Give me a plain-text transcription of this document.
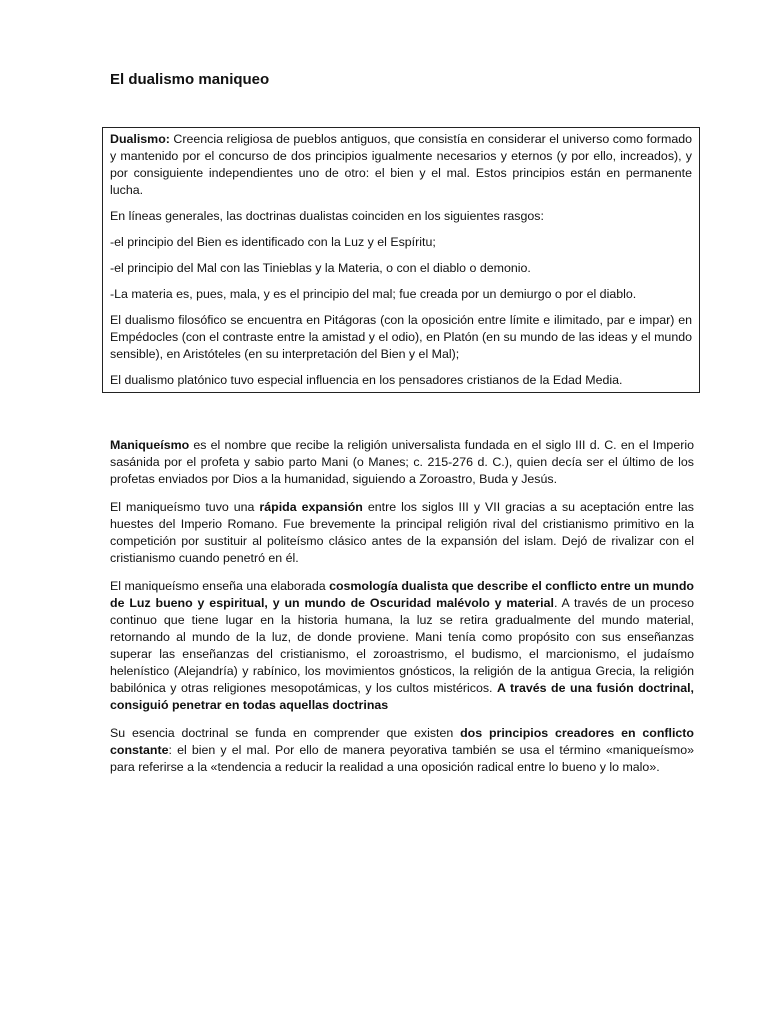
El dualismo maniqueo

Dualismo: Creencia religiosa de pueblos antiguos, que consistía en considerar el universo como formado y mantenido por el concurso de dos principios igualmente necesarios y eternos (y por ello, increados), y por consiguiente independientes uno de otro: el bien y el mal. Estos principios están en permanente lucha.

En líneas generales, las doctrinas dualistas coinciden en los siguientes rasgos:

-el principio del Bien es identificado con la Luz y el Espíritu;

-el principio del Mal con las Tinieblas y la Materia, o con el diablo o demonio.

-La materia es, pues, mala, y es el principio del mal; fue creada por un demiurgo o por el diablo.

El dualismo filosófico se encuentra en Pitágoras (con la oposición entre límite e ilimitado, par e impar) en Empédocles (con el contraste entre la amistad y el odio), en Platón (en su mundo de las ideas y el mundo sensible), en Aristóteles (en su interpretación del Bien y el Mal);

El dualismo platónico tuvo especial influencia en los pensadores cristianos de la Edad Media.

Maniqueísmo es el nombre que recibe la religión universalista fundada en el siglo III d. C. en el Imperio sasánida por el profeta y sabio parto Mani (o Manes; c. 215-276 d. C.), quien decía ser el último de los profetas enviados por Dios a la humanidad, siguiendo a Zoroastro, Buda y Jesús.

El maniqueísmo tuvo una rápida expansión entre los siglos III y VII gracias a su aceptación entre las huestes del Imperio Romano. Fue brevemente la principal religión rival del cristianismo primitivo en la competición por sustituir al politeísmo clásico antes de la expansión del islam. Dejó de rivalizar con el cristianismo cuando penetró en él.

El maniqueísmo enseña una elaborada cosmología dualista que describe el conflicto entre un mundo de Luz bueno y espiritual, y un mundo de Oscuridad malévolo y material. A través de un proceso continuo que tiene lugar en la historia humana, la luz se retira gradualmente del mundo material, retornando al mundo de la luz, de donde proviene. Mani tenía como propósito con sus enseñanzas superar las enseñanzas del cristianismo, el zoroastrismo, el budismo, el marcionismo, el judaísmo helenístico (Alejandría) y rabínico, los movimientos gnósticos, la religión de la antigua Grecia, la religión babilónica y otras religiones mesopotámicas, y los cultos mistéricos. A través de una fusión doctrinal, consiguió penetrar en todas aquellas doctrinas

Su esencia doctrinal se funda en comprender que existen dos principios creadores en conflicto constante: el bien y el mal. Por ello de manera peyorativa también se usa el término «maniqueísmo» para referirse a la «tendencia a reducir la realidad a una oposición radical entre lo bueno y lo malo».
